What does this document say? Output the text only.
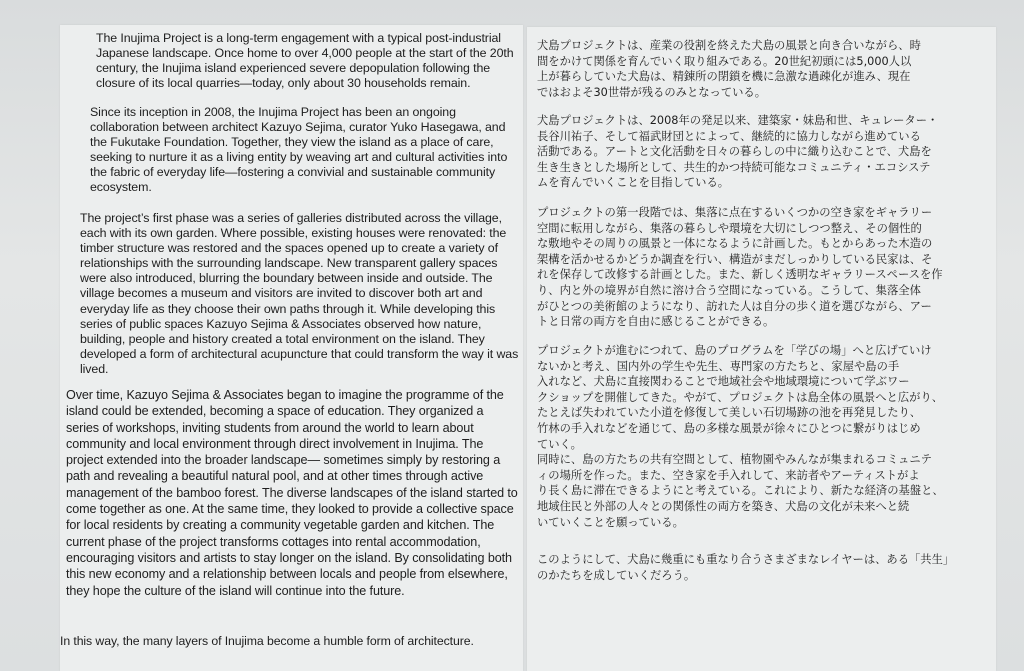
The Inujima Project is a long-term engagement with a typical post-industrial Japanese landscape. Once home to over 4,000 people at the start of the 20th century, the Inujima island experienced severe depopulation following the closure of its local quarries—today, only about 30 households remain.

Since its inception in 2008, the Inujima Project has been an ongoing collaboration between architect Kazuyo Sejima, curator Yuko Hasegawa, and the Fukutake Foundation. Together, they view the island as a place of care, seeking to nurture it as a living entity by weaving art and cultural activities into the fabric of everyday life—fostering a convivial and sustainable community ecosystem.

The project’s first phase was a series of galleries distributed across the village, each with its own garden. Where possible, existing houses were renovated: the timber structure was restored and the spaces opened up to create a variety of relationships with the surrounding landscape. New transparent gallery spaces were also introduced, blurring the boundary between inside and outside. The village becomes a museum and visitors are invited to discover both art and everyday life as they choose their own paths through it. While developing this series of public spaces Kazuyo Sejima & Associates observed how nature, building, people and history created a total environment on the island. They developed a form of architectural acupuncture that could transform the way it was lived.

Over time, Kazuyo Sejima & Associates began to imagine the programme of the island could be extended, becoming a space of education. They organized a series of workshops, inviting students from around the world to learn about community and local environment through direct involvement in Inujima. The project extended into the broader landscape— sometimes simply by restoring a path and revealing a beautiful natural pool, and at other times through active management of the bamboo forest. The diverse landscapes of the island started to come together as one. At the same time, they looked to provide a collective space for local residents by creating a community vegetable garden and kitchen. The current phase of the project transforms cottages into rental accommodation, encouraging visitors and artists to stay longer on the island. By consolidating both this new economy and a relationship between locals and people from elsewhere, they hope the culture of the island will continue into the future.

In this way, the many layers of Inujima become a humble form of architecture.

犬島プロジェクトは、産業の役割を終えた犬島の風景と向き合いながら、時
間をかけて関係を育んでいく取り組みである。20世紀初頭には5,000人以
上が暮らしていた犬島は、精錬所の閉鎖を機に急激な過疎化が進み、現在
ではおよそ30世帯が残るのみとなっている。
犬島プロジェクトは、2008年の発足以来、建築家・妹島和世、キュレーター・
長谷川祐子、そして福武財団とによって、継続的に協力しながら進めている
活動である。アートと文化活動を日々の暮らしの中に織り込むことで、犬島を
生き生きとした場所として、共生的かつ持続可能なコミュニティ・エコシステ
ムを育んでいくことを目指している。
プロジェクトの第一段階では、集落に点在するいくつかの空き家をギャラリー
空間に転用しながら、集落の暮らしや環境を大切にしつつ整え、その個性的
な敷地やその周りの風景と一体になるように計画した。もとからあった木造の
架構を活かせるかどうか調査を行い、構造がまだしっかりしている民家は、そ
れを保存して改修する計画とした。また、新しく透明なギャラリースペースを作
り、内と外の境界が自然に溶け合う空間になっている。こうして、集落全体
がひとつの美術館のようになり、訪れた人は自分の歩く道を選びながら、アー
トと日常の両方を自由に感じることができる。
プロジェクトが進むにつれて、島のプログラムを「学びの場」へと広げていけ
ないかと考え、国内外の学生や先生、専門家の方たちと、家屋や島の手
入れなど、犬島に直接関わることで地域社会や地域環境について学ぶワー
クショップを開催してきた。やがて、プロジェクトは島全体の風景へと広がり、
たとえば失われていた小道を修復して美しい石切場跡の池を再発見したり、
竹林の手入れなどを通じて、島の多様な風景が徐々にひとつに繋がりはじめ
ていく。
同時に、島の方たちの共有空間として、植物園やみんなが集まれるコミュニテ
ィの場所を作った。また、空き家を手入れして、来訪者やアーティストがよ
り長く島に滞在できるようにと考えている。これにより、新たな経済の基盤と、
地域住民と外部の人々との関係性の両方を築き、犬島の文化が未来へと続
いていくことを願っている。
このようにして、犬島に幾重にも重なり合うさまざまなレイヤーは、ある「共生」
のかたちを成していくだろう。
